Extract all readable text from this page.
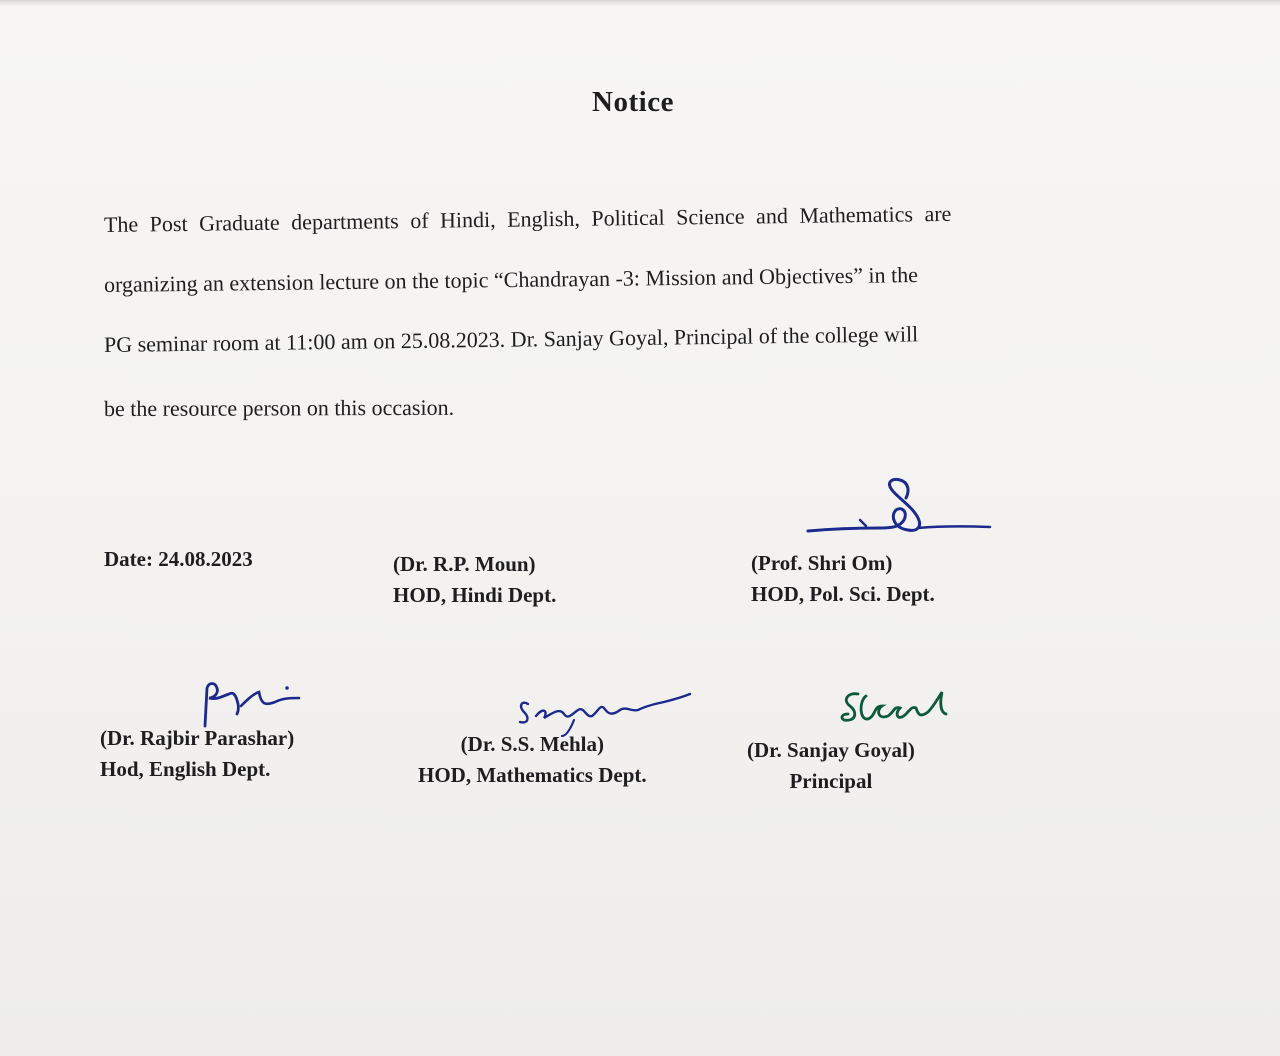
Notice
The Post Graduate departments of Hindi, English, Political Science and Mathematics are
organizing an extension lecture on the topic “Chandrayan -3: Mission and Objectives” in the
PG seminar room at 11:00 am on 25.08.2023. Dr. Sanjay Goyal, Principal of the college will
be the resource person on this occasion.
Date: 24.08.2023	(Dr. R.P. Moun)
HOD, Hindi Dept.
(Prof. Shri Om)
HOD, Pol. Sci. Dept.
(Dr. Rajbir Parashar)
Hod, English Dept.
(Dr. S.S. Mehla)
HOD, Mathematics Dept.
(Dr. Sanjay Goyal)
Principal
